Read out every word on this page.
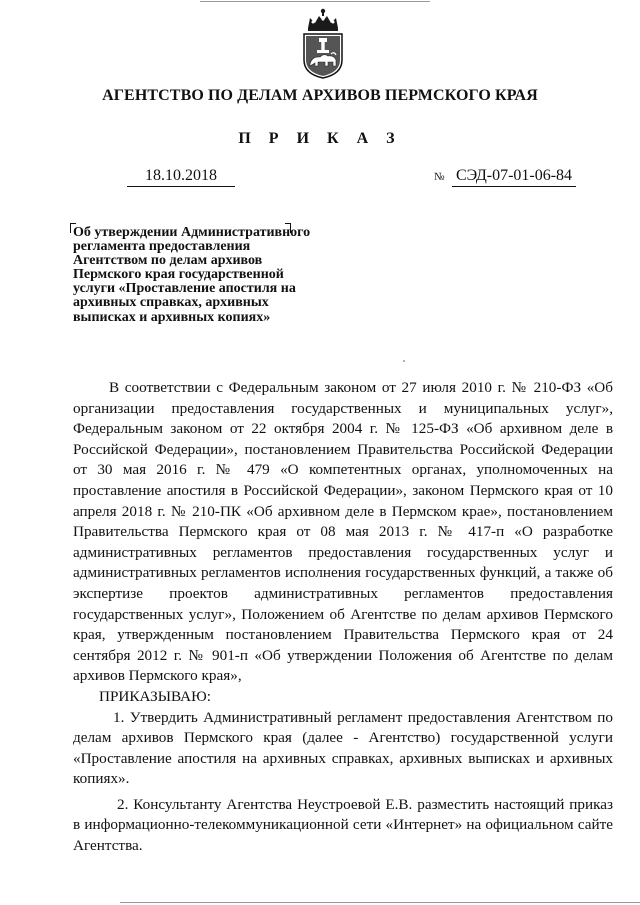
АГЕНТСТВО ПО ДЕЛАМ АРХИВОВ ПЕРМСКОГО КРАЯ
П Р И К А З
18.10.2018	№ СЭД-07-01-06-84
Об утверждении Административного регламента предоставления Агентством по делам архивов Пермского края государственной услуги «Проставление апостиля на архивных справках, архивных выписках и архивных копиях»

В соответствии с Федеральным законом от 27 июля 2010 г. № 210-ФЗ «Об организации предоставления государственных и муниципальных услуг», Федеральным законом от 22 октября 2004 г. № 125-ФЗ «Об архивном деле в Российской Федерации», постановлением Правительства Российской Федерации от 30 мая 2016 г. № 479 «О компетентных органах, уполномоченных на проставление апостиля в Российской Федерации», законом Пермского края от 10 апреля 2018 г. № 210-ПК «Об архивном деле в Пермском крае», постановлением Правительства Пермского края от 08 мая 2013 г. № 417-п «О разработке административных регламентов предоставления государственных услуг и административных регламентов исполнения государственных функций, а также об экспертизе проектов административных регламентов предоставления государственных услуг», Положением об Агентстве по делам архивов Пермского края, утвержденным постановлением Правительства Пермского края от 24 сентября 2012 г. № 901-п «Об утверждении Положения об Агентстве по делам архивов Пермского края»,

ПРИКАЗЫВАЮ:

1. Утвердить Административный регламент предоставления Агентством по делам архивов Пермского края (далее - Агентство) государственной услуги «Проставление апостиля на архивных справках, архивных выписках и архивных копиях».

2. Консультанту Агентства Неустроевой Е.В. разместить настоящий приказ в информационно-телекоммуникационной сети «Интернет» на официальном сайте Агентства.
